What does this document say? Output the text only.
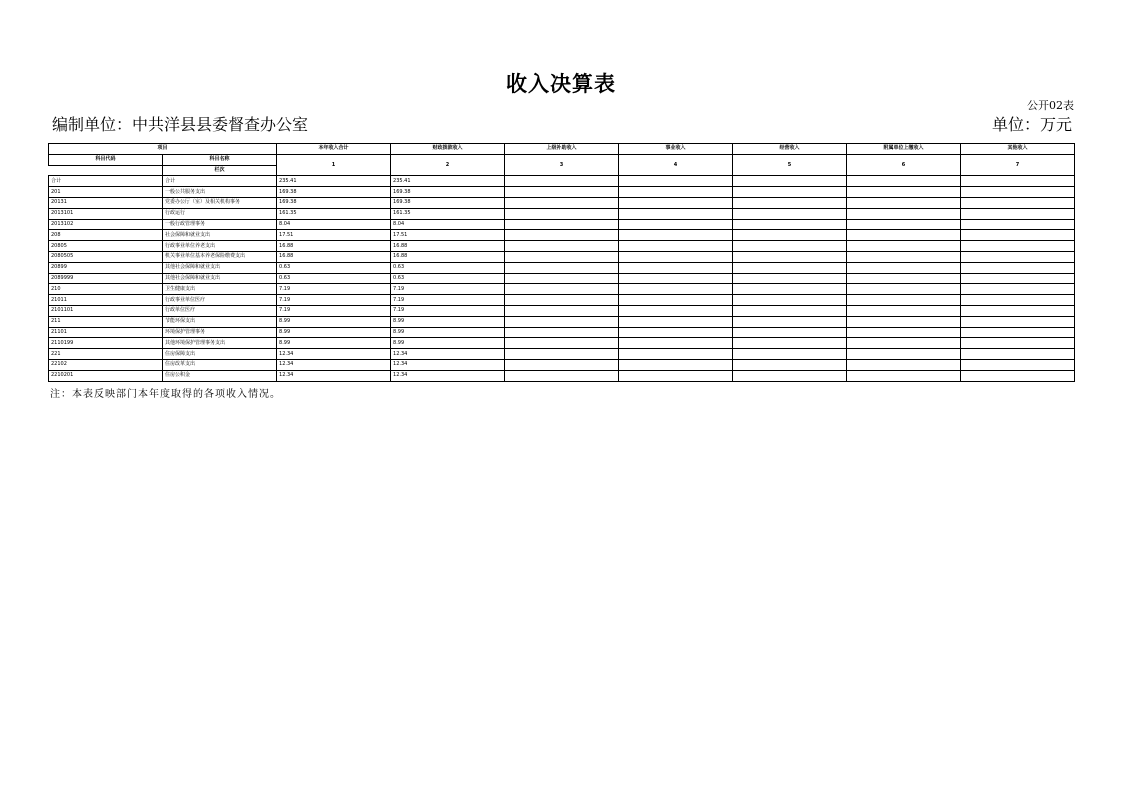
收入决算表
公开02表
编制单位：中共洋县县委督查办公室	单位：万元
项目		本年收入合计	财政拨款收入	上级补助收入	事业收入	经营收入	附属单位上缴收入	其他收入
科目代码	科目名称	1	2	3	4	5	6	7
	栏次							
合计	合计	235.41	235.41					
201	一般公共服务支出	169.38	169.38					
20131	党委办公厅（室）及相关机构事务	169.38	169.38					
2013101	行政运行	161.35	161.35					
2013102	一般行政管理事务	8.04	8.04					
208	社会保障和就业支出	17.51	17.51					
20805	行政事业单位养老支出	16.88	16.88					
2080505	机关事业单位基本养老保险缴费支出	16.88	16.88					
20899	其他社会保障和就业支出	0.63	0.63					
2089999	其他社会保障和就业支出	0.63	0.63					
210	卫生健康支出	7.19	7.19					
21011	行政事业单位医疗	7.19	7.19					
2101101	行政单位医疗	7.19	7.19					
211	节能环保支出	8.99	8.99					
21101	环境保护管理事务	8.99	8.99					
2110199	其他环境保护管理事务支出	8.99	8.99					
221	住房保障支出	12.34	12.34					
22102	住房改革支出	12.34	12.34					
2210201	住房公积金	12.34	12.34					
注：本表反映部门本年度取得的各项收入情况。
